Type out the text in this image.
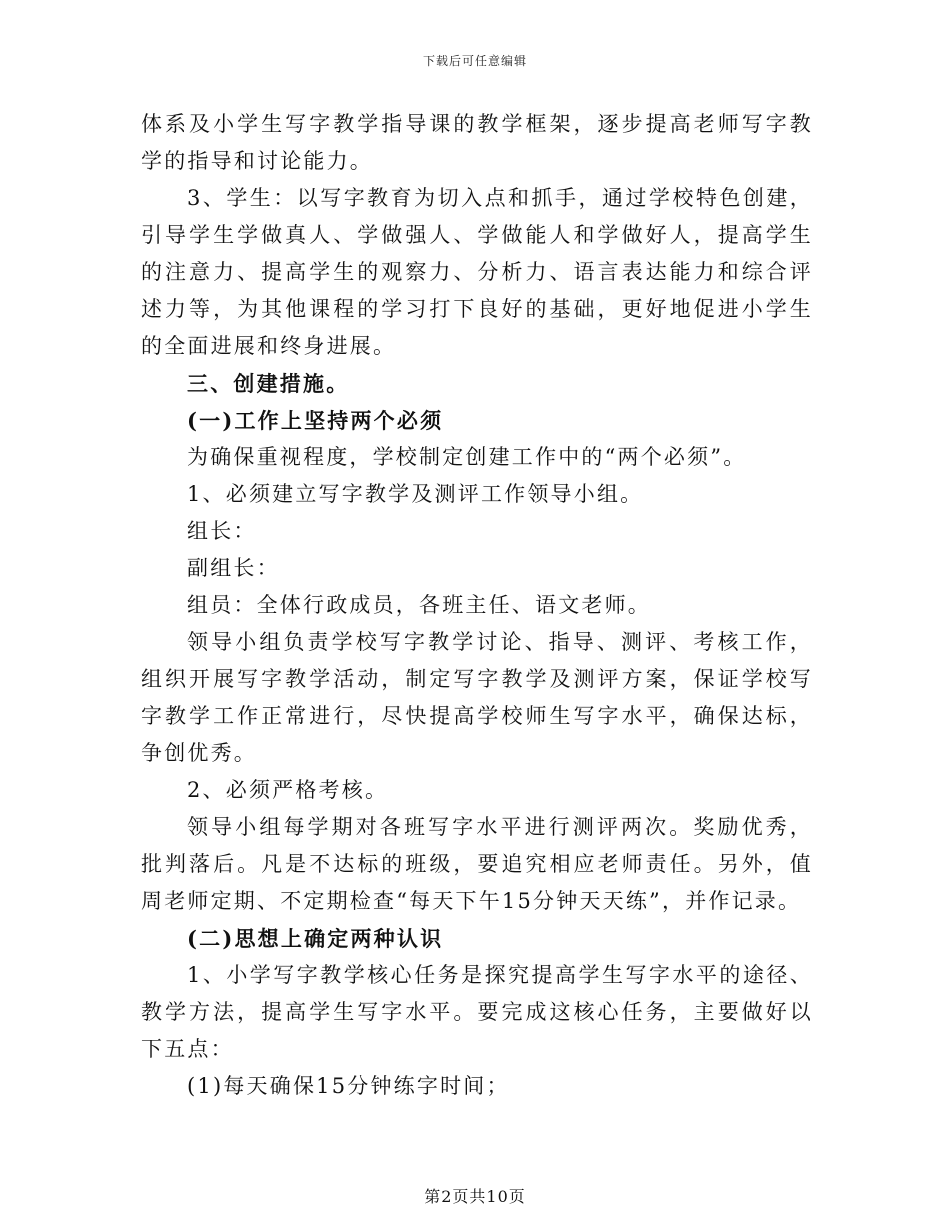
下载后可任意编辑

体系及小学生写字教学指导课的教学框架，逐步提高老师写字教学的指导和讨论能力。

3、学生：以写字教育为切入点和抓手，通过学校特色创建，引导学生学做真人、学做强人、学做能人和学做好人，提高学生的注意力、提高学生的观察力、分析力、语言表达能力和综合评述力等，为其他课程的学习打下良好的基础，更好地促进小学生的全面进展和终身进展。

三、创建措施。

(一)工作上坚持两个必须

为确保重视程度，学校制定创建工作中的“两个必须”。

1、必须建立写字教学及测评工作领导小组。

组长：

副组长：

组员：全体行政成员，各班主任、语文老师。

领导小组负责学校写字教学讨论、指导、测评、考核工作，组织开展写字教学活动，制定写字教学及测评方案，保证学校写字教学工作正常进行，尽快提高学校师生写字水平，确保达标，争创优秀。

2、必须严格考核。

领导小组每学期对各班写字水平进行测评两次。奖励优秀，批判落后。凡是不达标的班级，要追究相应老师责任。另外，值周老师定期、不定期检查“每天下午15分钟天天练”，并作记录。

(二)思想上确定两种认识

1、小学写字教学核心任务是探究提高学生写字水平的途径、教学方法，提高学生写字水平。要完成这核心任务，主要做好以下五点：

(1)每天确保15分钟练字时间；

第2页共10页
